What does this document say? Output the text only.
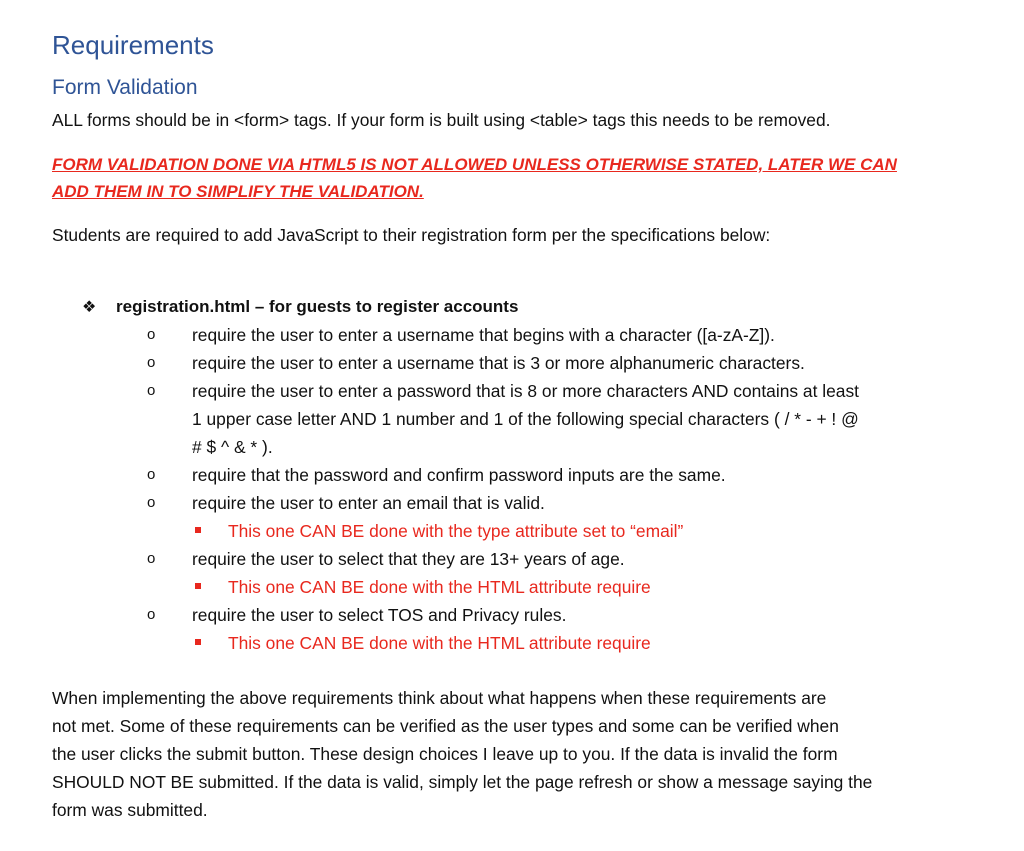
Requirements
Form Validation
ALL forms should be in <form> tags. If your form is built using <table> tags this needs to be removed.
FORM VALIDATION DONE VIA HTML5 IS NOT ALLOWED UNLESS OTHERWISE STATED, LATER WE CAN
ADD THEM IN TO SIMPLIFY THE VALIDATION.
Students are required to add JavaScript to their registration form per the specifications below:
❖ registration.html – for guests to register accounts
o require the user to enter a username that begins with a character ([a-zA-Z]).
o require the user to enter a username that is 3 or more alphanumeric characters.
o require the user to enter a password that is 8 or more characters AND contains at least
1 upper case letter AND 1 number and 1 of the following special characters ( / * - + ! @
# $ ^ & * ).
o require that the password and confirm password inputs are the same.
o require the user to enter an email that is valid.
This one CAN BE done with the type attribute set to “email”
o require the user to select that they are 13+ years of age.
This one CAN BE done with the HTML attribute require
o require the user to select TOS and Privacy rules.
This one CAN BE done with the HTML attribute require
When implementing the above requirements think about what happens when these requirements are
not met. Some of these requirements can be verified as the user types and some can be verified when
the user clicks the submit button. These design choices I leave up to you. If the data is invalid the form
SHOULD NOT BE submitted. If the data is valid, simply let the page refresh or show a message saying the
form was submitted.
